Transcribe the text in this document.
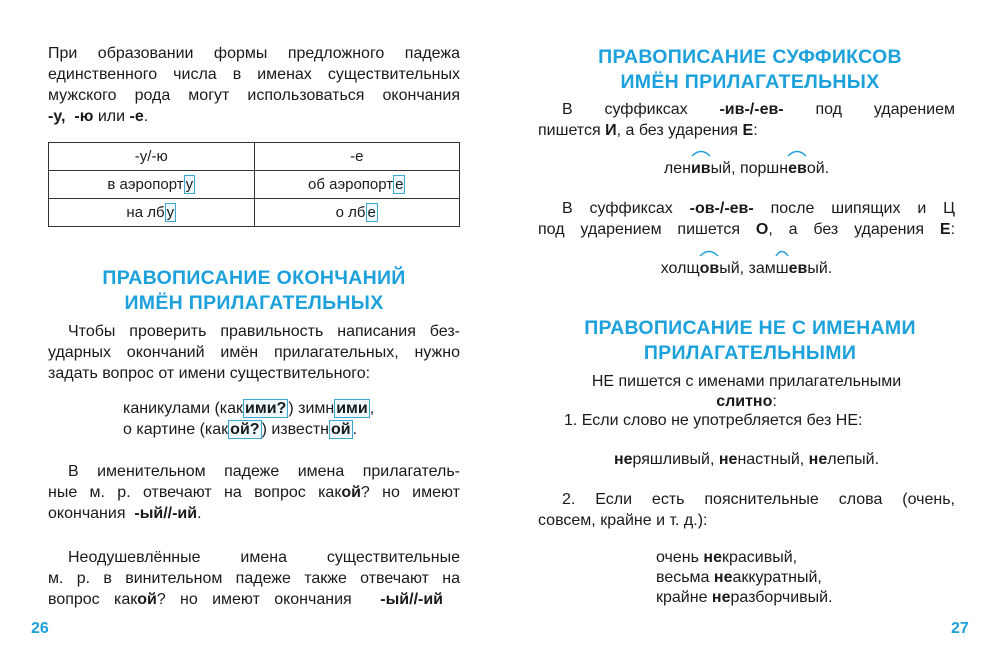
При образовании формы предложного падежа
единственного числа в именах существительных
мужского рода могут использоваться окончания
-у, -ю или -е.
-у/-ю	-е
в аэропорт у	об аэропорт е
на лб у	о лб е
ПРАВОПИСАНИЕ ОКОНЧАНИЙ
ИМЁН ПРИЛАГАТЕЛЬНЫХ
Чтобы проверить правильность написания без-
ударных окончаний имён прилагательных, нужно
задать вопрос от имени существительного:
каникулами (как ими? ) зимн ими ,
о картине (как ой? ) известн ой .
В именительном падеже имена прилагатель-
ные м. р. отвечают на вопрос какой? но имеют
окончания -ый//-ий.
Неодушевлённые имена существительные
м. р. в винительном падеже также отвечают на
вопрос какой? но имеют окончания -ый//-ий
26
ПРАВОПИСАНИЕ СУФФИКСОВ
ИМЁН ПРИЛАГАТЕЛЬНЫХ
В суффиксах -ив-/-ев- под ударением
пишется И, а без ударения Е:
лен
ивый, поршн
евой.
В суффиксах -ов-/-ев- после шипящих и Ц
под ударением пишется О, а без ударения Е:
холщ
овый, зам
шевый.
ПРАВОПИСАНИЕ НЕ С ИМЕНАМИ
ПРИЛАГАТЕЛЬНЫМИ
НЕ пишется с именами прилагательными
слитно:
1. Если слово не употребляется без НЕ:
неряшливый, ненастный, нелепый.
2. Если есть пояснительные слова (очень,
совсем, крайне и т. д.):
очень некрасивый,
весьма неаккуратный,
крайне неразборчивый.
27
